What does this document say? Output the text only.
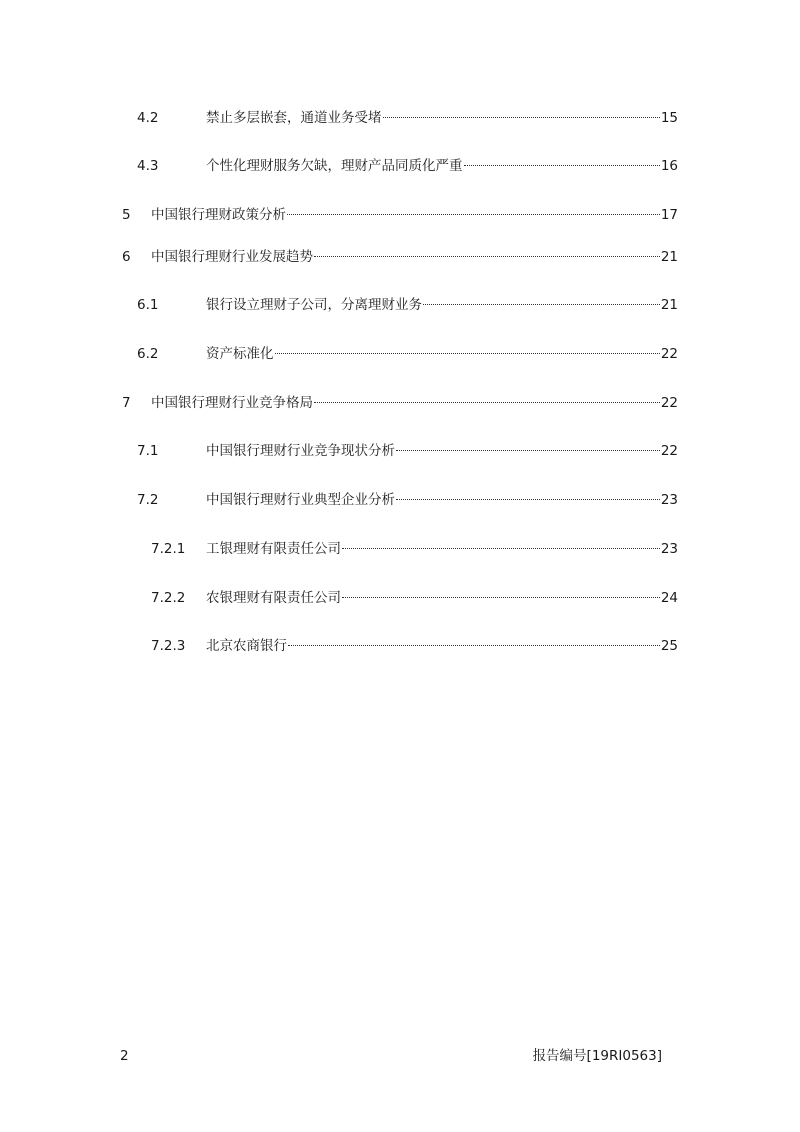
4.2	禁止多层嵌套，通道业务受堵	15
4.3	个性化理财服务欠缺，理财产品同质化严重	16
5 中国银行理财政策分析	17
6 中国银行理财行业发展趋势	21
6.1	银行设立理财子公司，分离理财业务	21
6.2	资产标准化	22
7 中国银行理财行业竞争格局	22
7.1	中国银行理财行业竞争现状分析	22
7.2	中国银行理财行业典型企业分析	23
7.2.1 工银理财有限责任公司	23
7.2.2 农银理财有限责任公司	24
7.2.3 北京农商银行	25
2	报告编号[19RI0563]
